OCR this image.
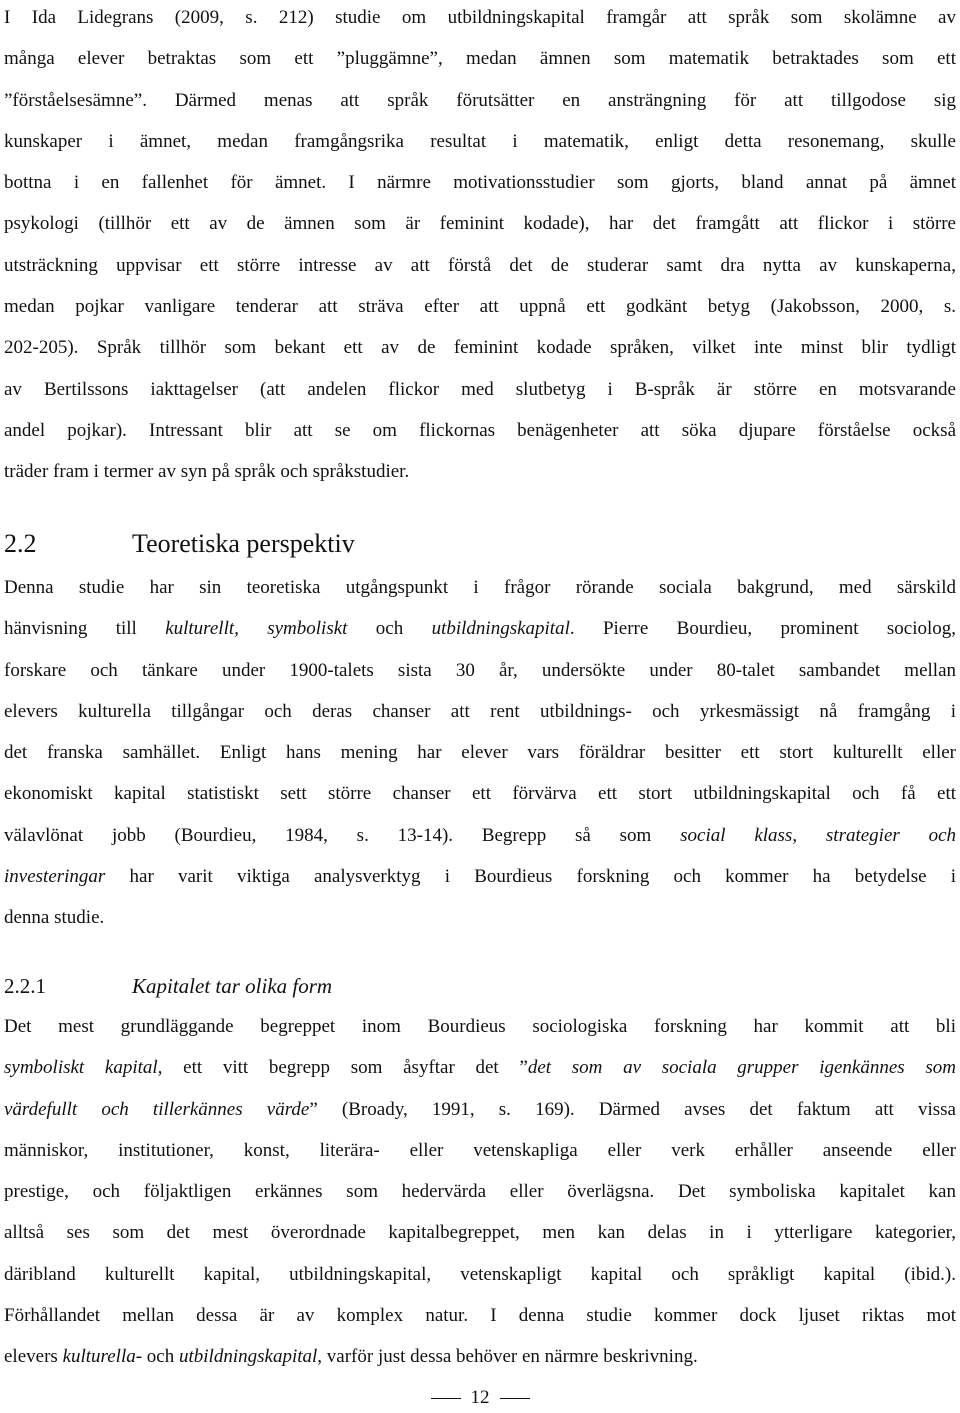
I Ida Lidegrans (2009, s. 212) studie om utbildningskapital framgår att språk som skolämne av
många elever betraktas som ett ”pluggämne”, medan ämnen som matematik betraktades som ett
”förståelsesämne”. Därmed menas att språk förutsätter en ansträngning för att tillgodose sig
kunskaper i ämnet, medan framgångsrika resultat i matematik, enligt detta resonemang, skulle
bottna i en fallenhet för ämnet. I närmre motivationsstudier som gjorts, bland annat på ämnet
psykologi (tillhör ett av de ämnen som är feminint kodade), har det framgått att flickor i större
utsträckning uppvisar ett större intresse av att förstå det de studerar samt dra nytta av kunskaperna,
medan pojkar vanligare tenderar att sträva efter att uppnå ett godkänt betyg (Jakobsson, 2000, s.
202-205). Språk tillhör som bekant ett av de feminint kodade språken, vilket inte minst blir tydligt
av Bertilssons iakttagelser (att andelen flickor med slutbetyg i B-språk är större en motsvarande
andel pojkar). Intressant blir att se om flickornas benägenheter att söka djupare förståelse också
träder fram i termer av syn på språk och språkstudier.
2.2	Teoretiska perspektiv
Denna studie har sin teoretiska utgångspunkt i frågor rörande sociala bakgrund, med särskild
hänvisning till kulturellt, symboliskt och utbildningskapital. Pierre Bourdieu, prominent sociolog,
forskare och tänkare under 1900-talets sista 30 år, undersökte under 80-talet sambandet mellan
elevers kulturella tillgångar och deras chanser att rent utbildnings- och yrkesmässigt nå framgång i
det franska samhället. Enligt hans mening har elever vars föräldrar besitter ett stort kulturellt eller
ekonomiskt kapital statistiskt sett större chanser ett förvärva ett stort utbildningskapital och få ett
välavlönat jobb (Bourdieu, 1984, s. 13-14). Begrepp så som social klass, strategier och
investeringar har varit viktiga analysverktyg i Bourdieus forskning och kommer ha betydelse i
denna studie.
2.2.1	Kapitalet tar olika form
Det mest grundläggande begreppet inom Bourdieus sociologiska forskning har kommit att bli
symboliskt kapital, ett vitt begrepp som åsyftar det ”det som av sociala grupper igenkännes som
värdefullt och tillerkännes värde” (Broady, 1991, s. 169). Därmed avses det faktum att vissa
människor, institutioner, konst, literära- eller vetenskapliga eller verk erhåller anseende eller
prestige, och följaktligen erkännes som hedervärda eller överlägsna. Det symboliska kapitalet kan
alltså ses som det mest överordnade kapitalbegreppet, men kan delas in i ytterligare kategorier,
däribland kulturellt kapital, utbildningskapital, vetenskapligt kapital och språkligt kapital (ibid.).
Förhållandet mellan dessa är av komplex natur. I denna studie kommer dock ljuset riktas mot
elevers kulturella- och utbildningskapital, varför just dessa behöver en närmre beskrivning.
12
